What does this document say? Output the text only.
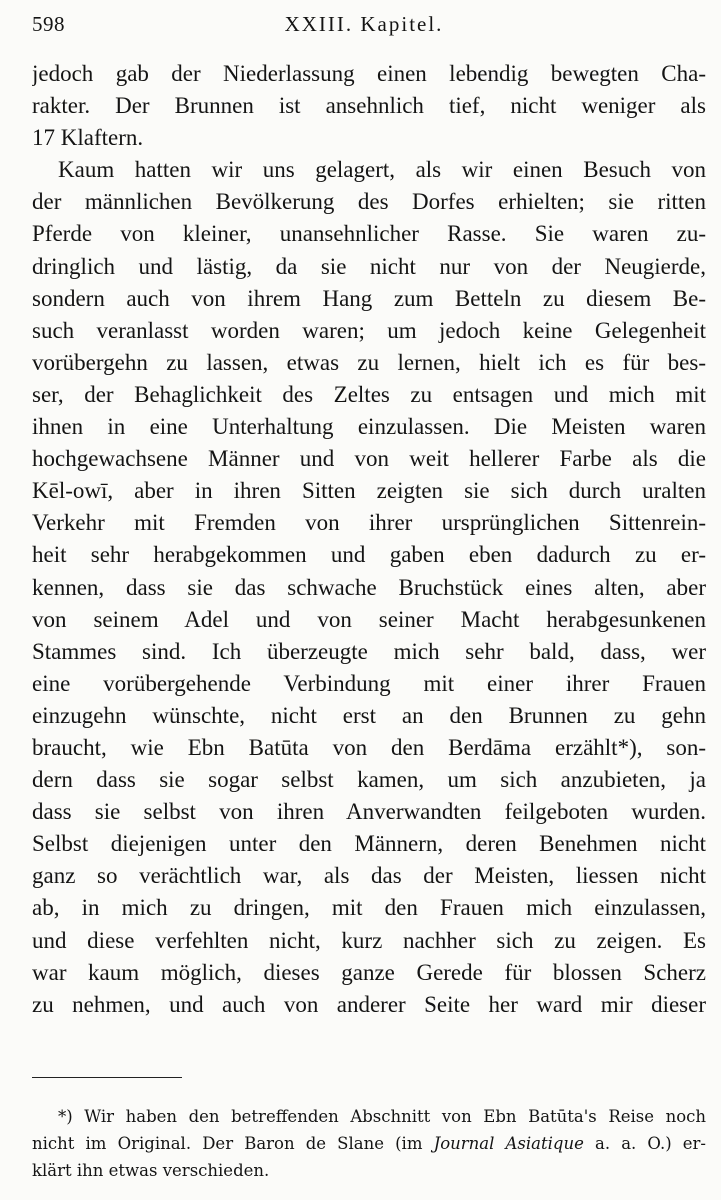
598	XXIII. Kapitel.
jedoch gab der Niederlassung einen lebendig bewegten Cha-
rakter. Der Brunnen ist ansehnlich tief, nicht weniger als
17 Klaftern.
Kaum hatten wir uns gelagert, als wir einen Besuch von
der männlichen Bevölkerung des Dorfes erhielten; sie ritten
Pferde von kleiner, unansehnlicher Rasse. Sie waren zu-
dringlich und lästig, da sie nicht nur von der Neugierde,
sondern auch von ihrem Hang zum Betteln zu diesem Be-
such veranlasst worden waren; um jedoch keine Gelegenheit
vorübergehn zu lassen, etwas zu lernen, hielt ich es für bes-
ser, der Behaglichkeit des Zeltes zu entsagen und mich mit
ihnen in eine Unterhaltung einzulassen. Die Meisten waren
hochgewachsene Männer und von weit hellerer Farbe als die
Kēl-owī, aber in ihren Sitten zeigten sie sich durch uralten
Verkehr mit Fremden von ihrer ursprünglichen Sittenrein-
heit sehr herabgekommen und gaben eben dadurch zu er-
kennen, dass sie das schwache Bruchstück eines alten, aber
von seinem Adel und von seiner Macht herabgesunkenen
Stammes sind. Ich überzeugte mich sehr bald, dass, wer
eine vorübergehende Verbindung mit einer ihrer Frauen
einzugehn wünschte, nicht erst an den Brunnen zu gehn
braucht, wie Ebn Batūta von den Berdāma erzählt*), son-
dern dass sie sogar selbst kamen, um sich anzubieten, ja
dass sie selbst von ihren Anverwandten feilgeboten wurden.
Selbst diejenigen unter den Männern, deren Benehmen nicht
ganz so verächtlich war, als das der Meisten, liessen nicht
ab, in mich zu dringen, mit den Frauen mich einzulassen,
und diese verfehlten nicht, kurz nachher sich zu zeigen. Es
war kaum möglich, dieses ganze Gerede für blossen Scherz
zu nehmen, und auch von anderer Seite her ward mir dieser
*) Wir haben den betreffenden Abschnitt von Ebn Batūta's Reise noch
nicht im Original. Der Baron de Slane (im Journal Asiatique a. a. O.) er-
klärt ihn etwas verschieden.
